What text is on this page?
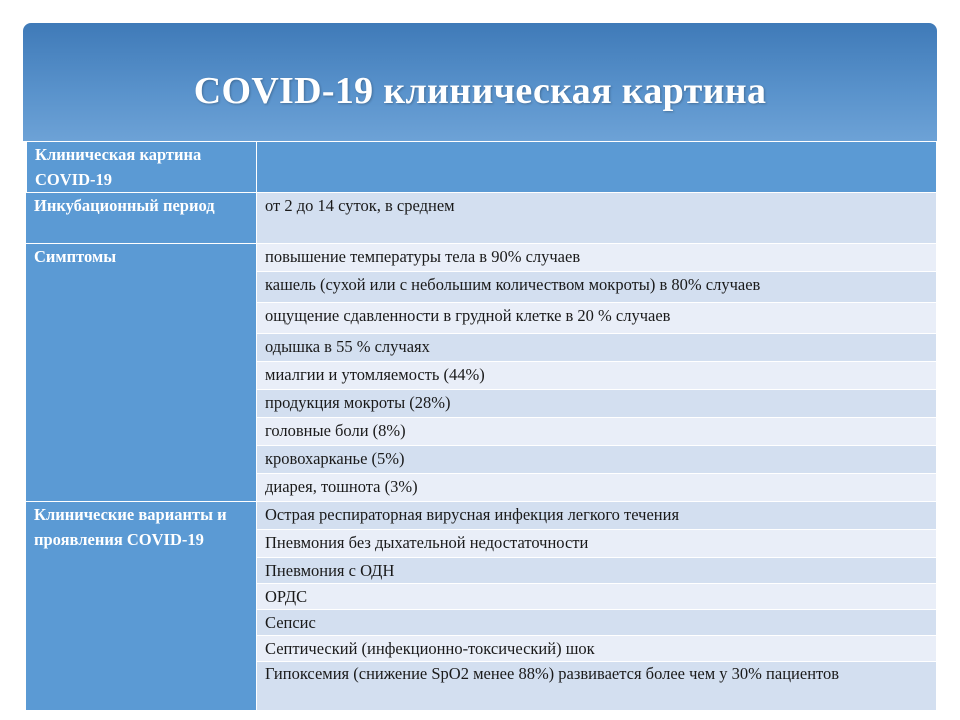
COVID-19 клиническая картина
Клиническая картина COVID-19	
Инкубационный период	от 2 до 14 суток, в среднем
Симптомы	повышение температуры тела в 90% случаев
	кашель (сухой или с небольшим количеством мокроты) в 80% случаев
	ощущение сдавленности в грудной клетке в 20 % случаев
	одышка в 55 % случаях
	миалгии и утомляемость (44%)
	продукция мокроты (28%)
	головные боли (8%)
	кровохарканье (5%)
	диарея, тошнота (3%)
Клинические варианты и проявления COVID-19	Острая респираторная вирусная инфекция легкого течения
	Пневмония без дыхательной недостаточности
	Пневмония с ОДН
	ОРДС
	Сепсис
	Септический (инфекционно-токсический) шок
	Гипоксемия (снижение SpO2 менее 88%) развивается более чем у 30% пациентов
